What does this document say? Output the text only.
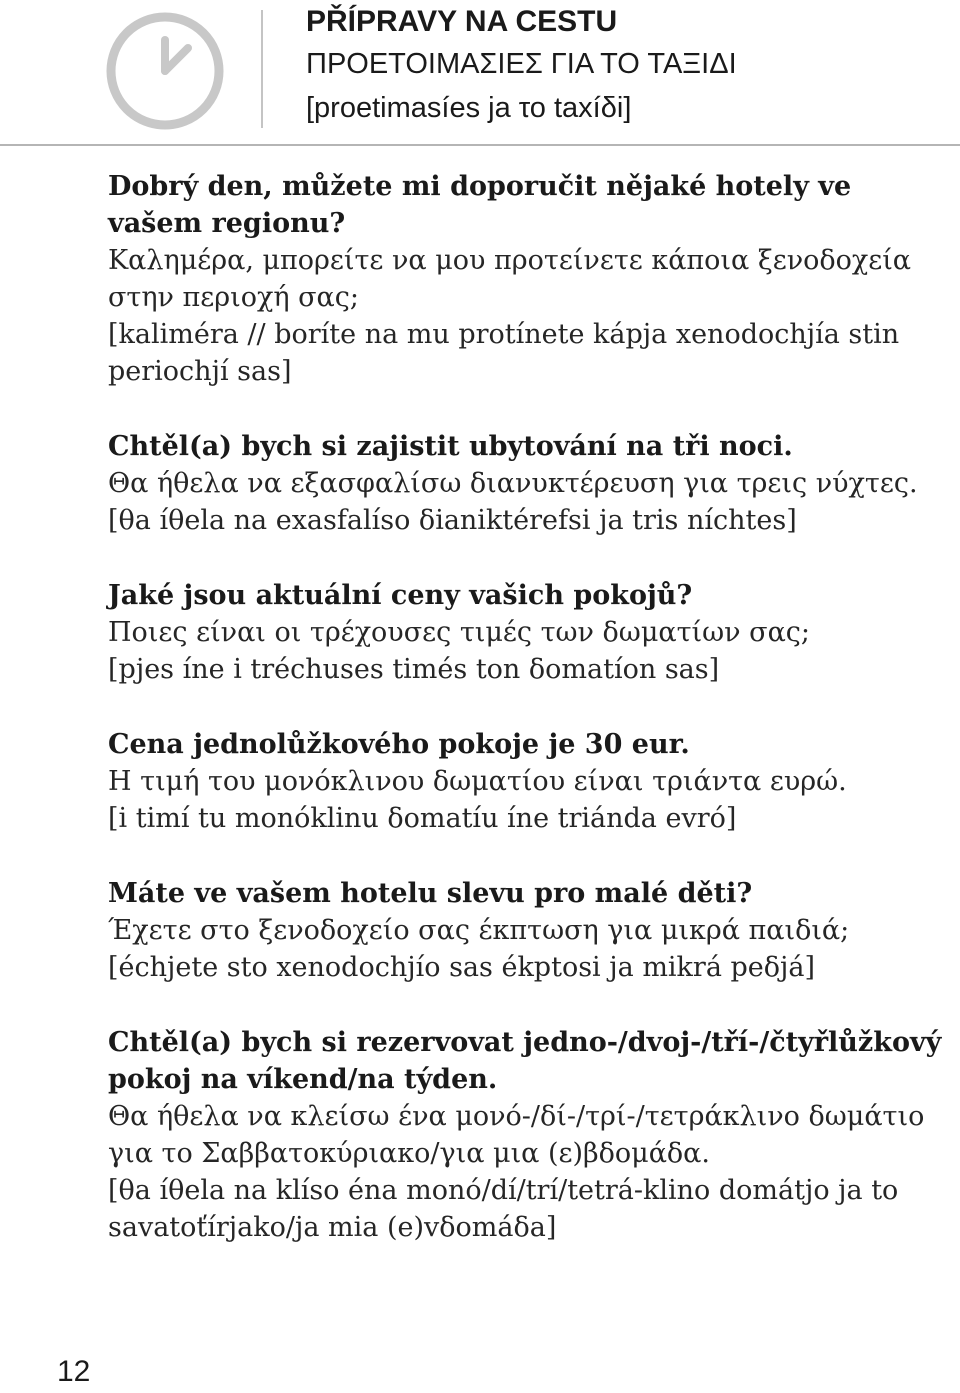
PŘÍPRAVY NA CESTU
ΠΡΟΕΤΟΙΜΑΣΙΕΣ ΓΙΑ ΤΟ ΤΑΞΙΔΙ
[proetimasíes ja το taxíδi]

Dobrý den, můžete mi doporučit nějaké hotely ve vašem regionu?

Καλημέρα, μπορείτε να μου προτείνετε κάποια ξενοδοχεία στην περιοχή σας;

[kaliméra // boríte na mu protínete kápja xenodochjía stin periochjí sas]

Chtěl(a) bych si zajistit ubytování na tři noci.

Θα ήθελα να εξασφαλίσω διανυκτέρευση για τρεις νύχτες.

[θa íθela na exasfalíso δianiktérefsi ja tris níchtes]

Jaké jsou aktuální ceny vašich pokojů?

Ποιες είναι οι τρέχουσες τιμές των δωματίων σας;

[pjes íne i tréchuses timés ton δomatíon sas]

Cena jednolůžkového pokoje je 30 eur.

Η τιμή του μονόκλινου δωματίου είναι τριάντα ευρώ.

[i timí tu monóklinu δomatíu íne triánda evró]

Máte ve vašem hotelu slevu pro malé děti?

Έχετε στο ξενοδοχείο σας έκπτωση για μικρά παιδιά;

[échjete sto xenodochjío sas ékptosi ja mikrá peδjá]

Chtěl(a) bych si rezervovat jedno-/dvoj-/tří-/čtyřlůžkový pokoj na víkend/na týden.

Θα ήθελα να κλείσω ένα μονό-/δί-/τρί-/τετράκλινο δωμάτιο για το Σαββατοκύριακο/για μια (ε)βδομάδα.

[θa íθela na klíso éna monó/dí/trí/tetrá-klino domátjo ja to savatoťírjako/ja mia (e)vδomáδa]

12
